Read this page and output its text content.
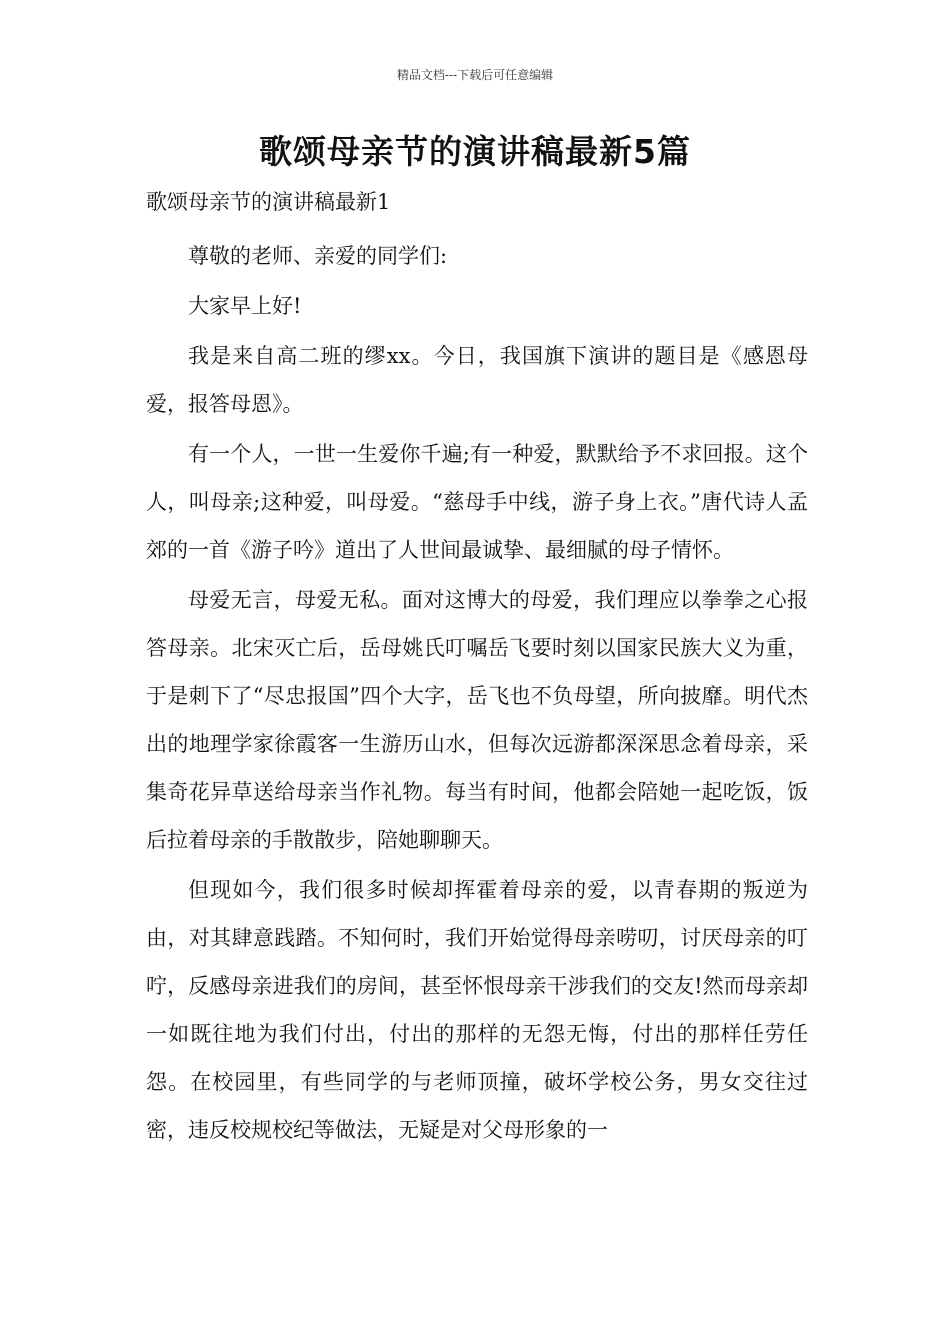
精品文档---下载后可任意编辑
歌颂母亲节的演讲稿最新5篇

歌颂母亲节的演讲稿最新1

尊敬的老师、亲爱的同学们:

大家早上好!

我是来自高二班的缪xx。今日，我国旗下演讲的题目是《感恩母爱，报答母恩》。

有一个人，一世一生爱你千遍;有一种爱，默默给予不求回报。这个人，叫母亲;这种爱，叫母爱。“慈母手中线，游子身上衣。”唐代诗人孟郊的一首《游子吟》道出了人世间最诚挚、最细腻的母子情怀。

母爱无言，母爱无私。面对这博大的母爱，我们理应以拳拳之心报答母亲。北宋灭亡后，岳母姚氏叮嘱岳飞要时刻以国家民族大义为重，于是刺下了“尽忠报国”四个大字，岳飞也不负母望，所向披靡。明代杰出的地理学家徐霞客一生游历山水，但每次远游都深深思念着母亲，采集奇花异草送给母亲当作礼物。每当有时间，他都会陪她一起吃饭，饭后拉着母亲的手散散步，陪她聊聊天。

但现如今，我们很多时候却挥霍着母亲的爱，以青春期的叛逆为由，对其肆意践踏。不知何时，我们开始觉得母亲唠叨，讨厌母亲的叮咛，反感母亲进我们的房间，甚至怀恨母亲干涉我们的交友!然而母亲却一如既往地为我们付出，付出的那样的无怨无悔，付出的那样任劳任怨。在校园里，有些同学的与老师顶撞，破坏学校公务，男女交往过密，违反校规校纪等做法，无疑是对父母形象的一
